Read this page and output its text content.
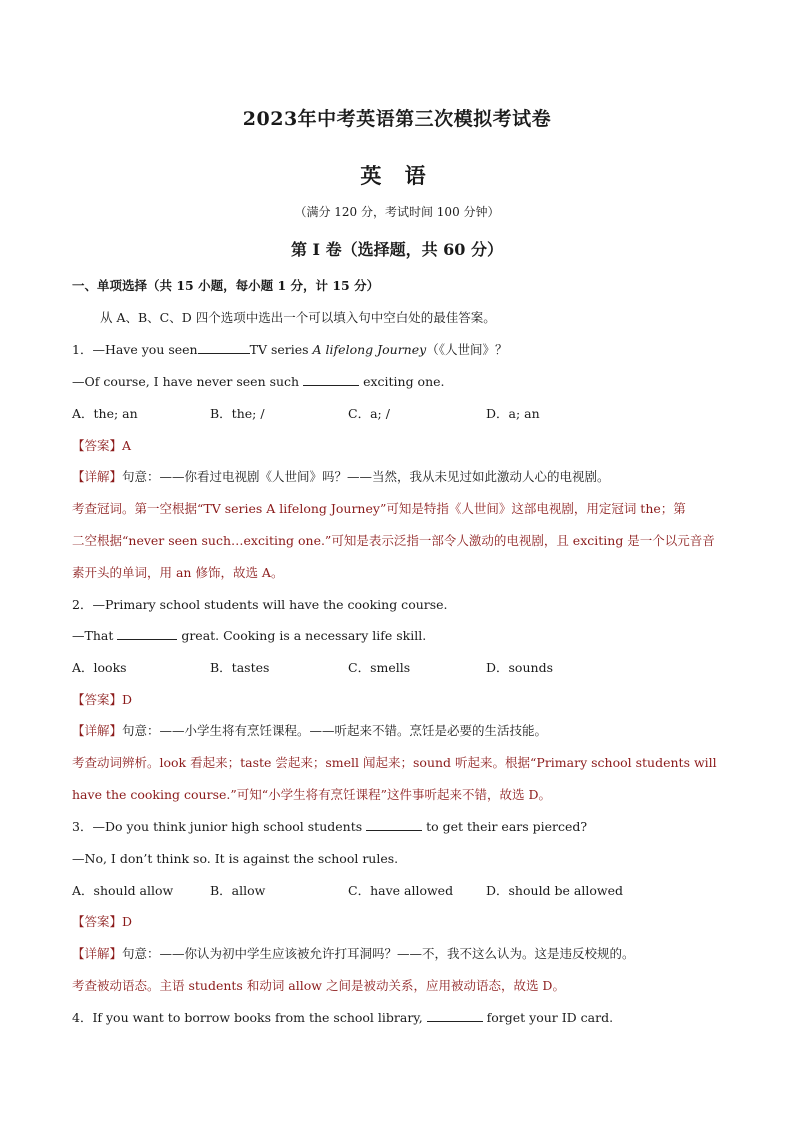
2023年中考英语第三次模拟考试卷
英 语
（满分 120 分，考试时间 100 分钟）
第 I 卷（选择题，共 60 分）
一、单项选择（共 15 小题，每小题 1 分，计 15 分）
从 A、B、C、D 四个选项中选出一个可以填入句中空白处的最佳答案。
1．—Have you seen	TV series A lifelong Journey（《人世间》？
—Of course, I have never seen such	exciting one.
A．the; an	B．the; /	C．a; /	D．a; an
【答案】A
【详解】句意：——你看过电视剧《人世间》吗？——当然，我从未见过如此激动人心的电视剧。
考查冠词。第一空根据“TV series A lifelong Journey”可知是特指《人世间》这部电视剧，用定冠词 the；第
二空根据“never seen such…exciting one.”可知是表示泛指一部令人激动的电视剧，且 exciting 是一个以元音音
素开头的单词，用 an 修饰，故选 A。
2．—Primary school students will have the cooking course.
—That	great. Cooking is a necessary life skill.
A．looks	B．tastes	C．smells	D．sounds
【答案】D
【详解】句意：——小学生将有烹饪课程。——听起来不错。烹饪是必要的生活技能。
考查动词辨析。look 看起来；taste 尝起来；smell 闻起来；sound 听起来。根据“Primary school students will
have the cooking course.”可知“小学生将有烹饪课程”这件事听起来不错，故选 D。
3．—Do you think junior high school students	to get their ears pierced?
—No, I don’t think so. It is against the school rules.
A．should allow	B．allow	C．have allowed	D．should be allowed
【答案】D
【详解】句意：——你认为初中学生应该被允许打耳洞吗？——不，我不这么认为。这是违反校规的。
考查被动语态。主语 students 和动词 allow 之间是被动关系，应用被动语态，故选 D。
4．If you want to borrow books from the school library,	forget your ID card.
